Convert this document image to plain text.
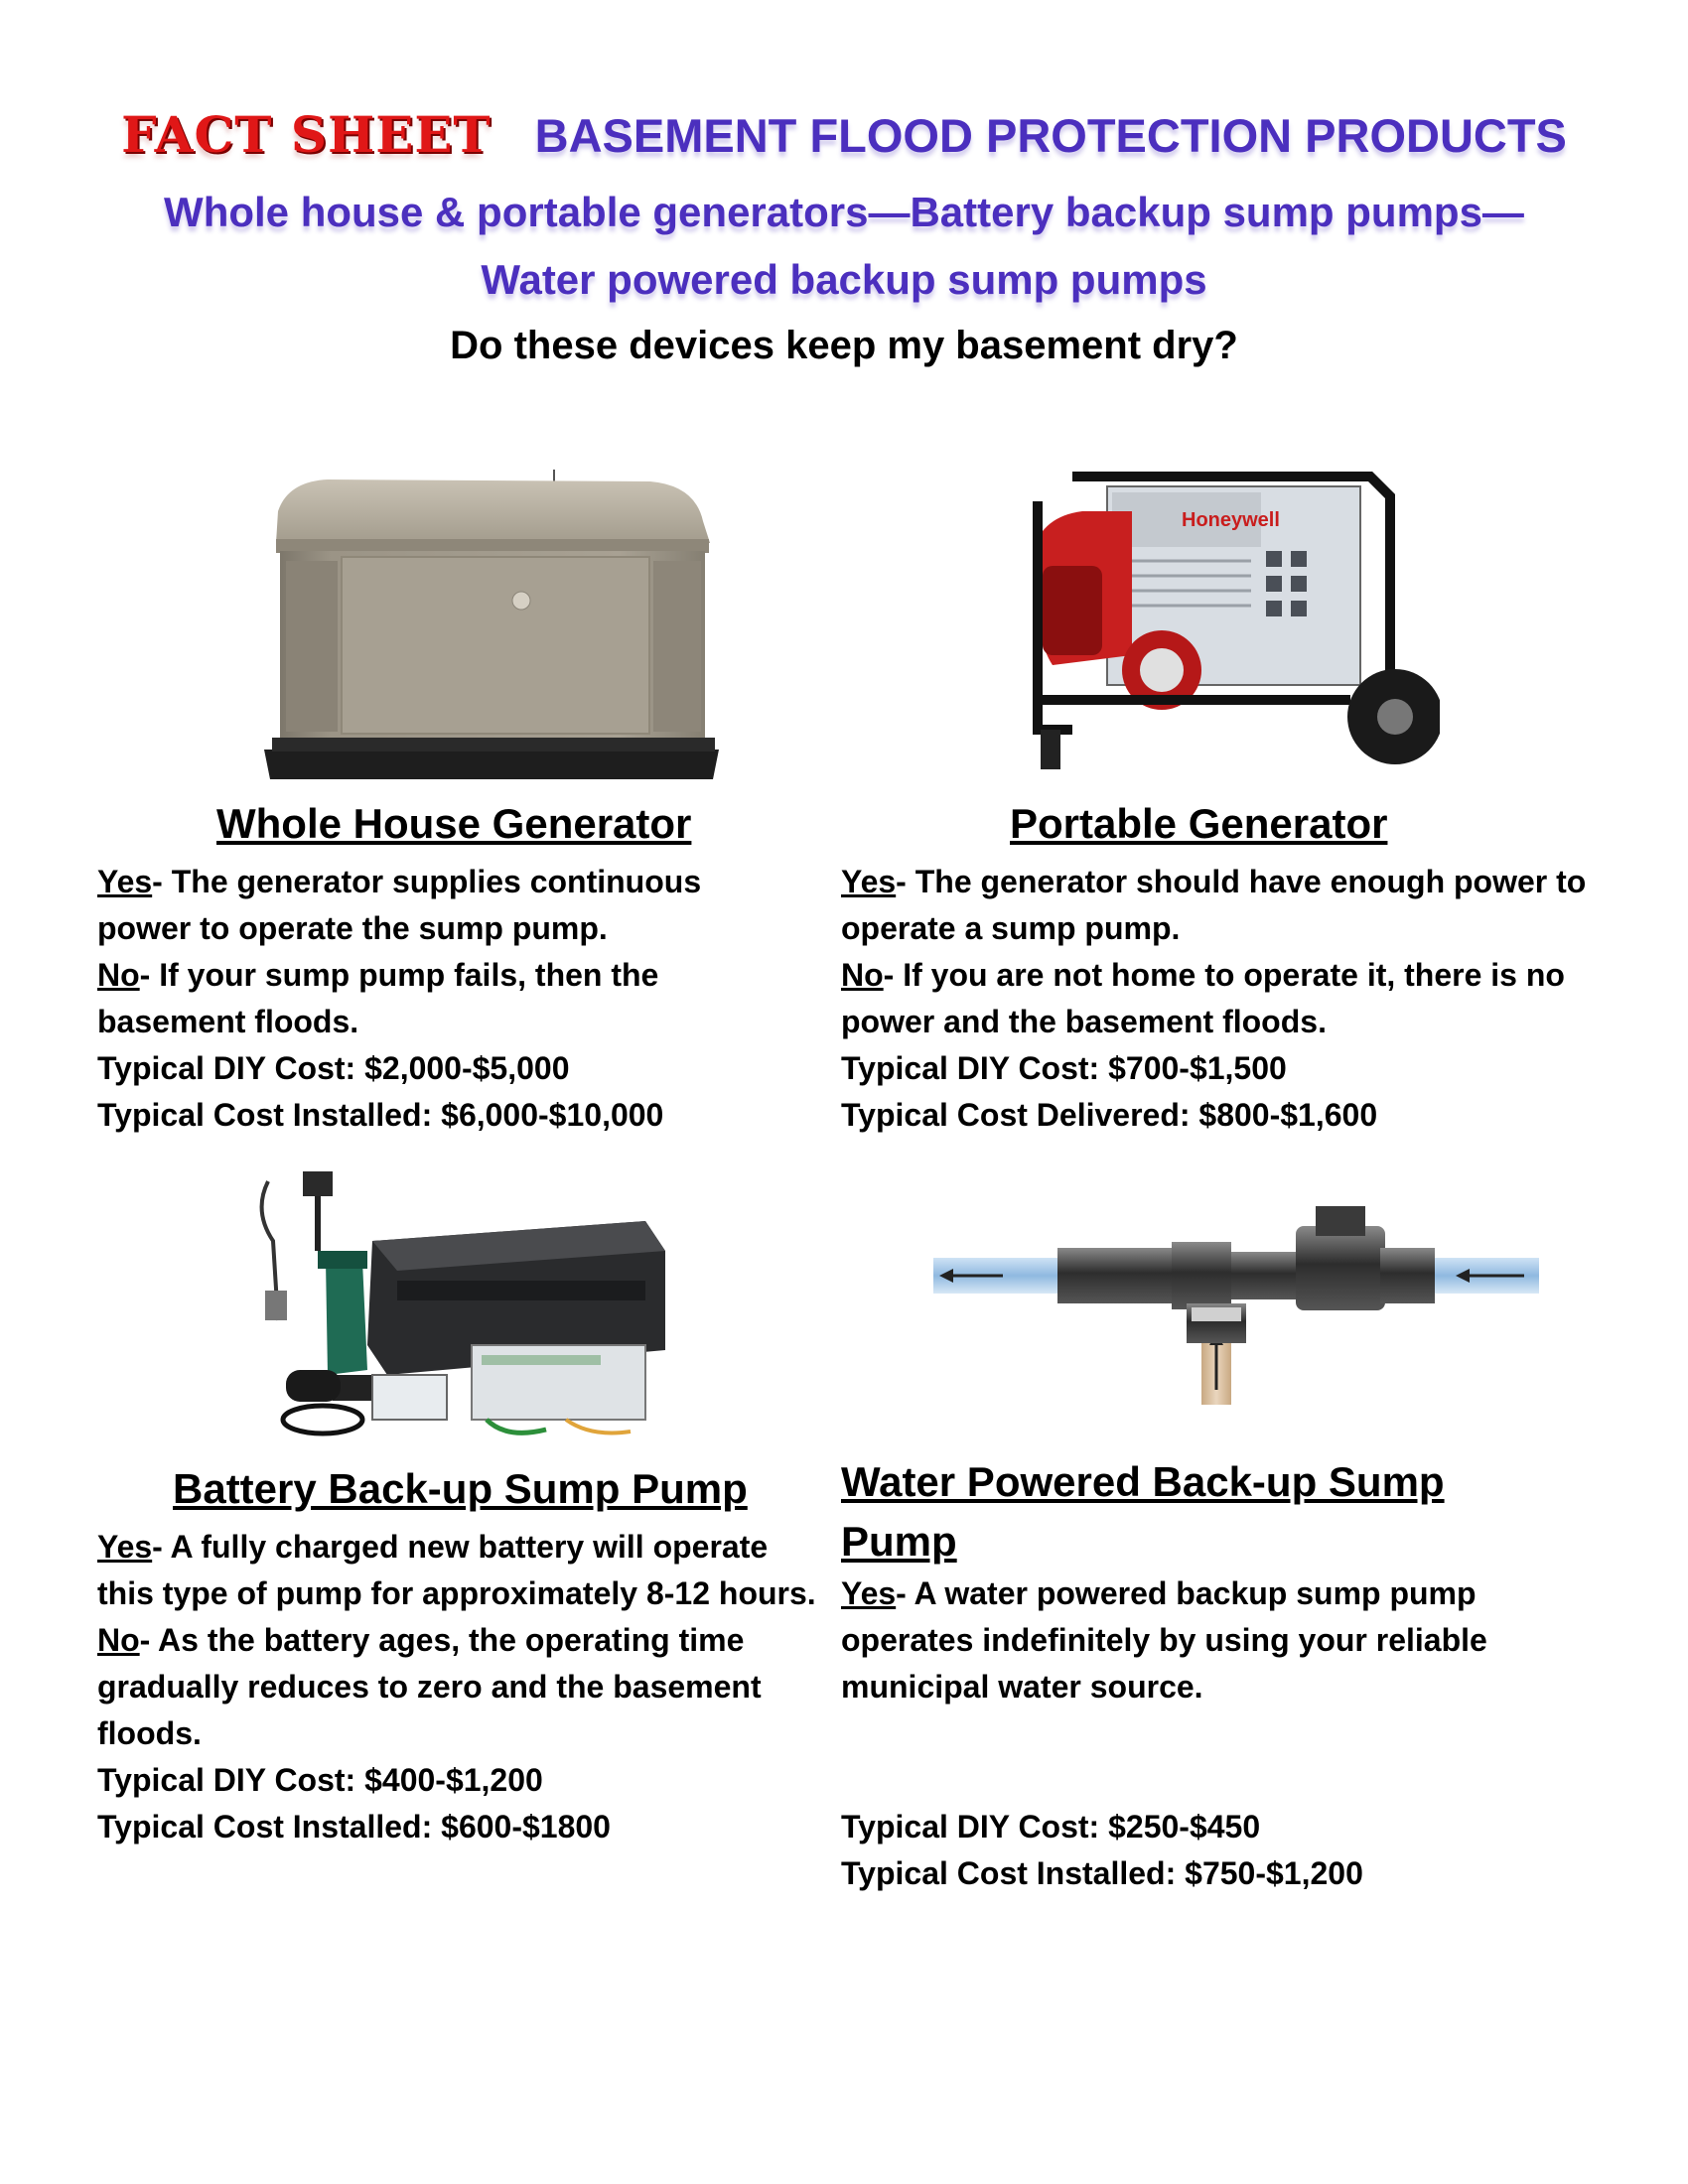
FACT SHEET BASEMENT FLOOD PROTECTION PRODUCTS
Whole house & portable generators—Battery backup sump pumps—
Water powered backup sump pumps
Do these devices keep my basement dry?
Honeywell
Whole House Generator

Yes- The generator supplies continuous power to operate the sump pump.

No- If your sump pump fails, then the basement floods.

Typical DIY Cost: $2,000-$5,000

Typical Cost Installed: $6,000-$10,000

Portable Generator

Yes- The generator should have enough power to operate a sump pump.

No- If you are not home to operate it, there is no power and the basement floods.

Typical DIY Cost: $700-$1,500

Typical Cost Delivered: $800-$1,600

Battery Back-up Sump Pump

Yes- A fully charged new battery will operate this type of pump for approximately 8-12 hours.

No- As the battery ages, the operating time gradually reduces to zero and the basement floods.

Typical DIY Cost: $400-$1,200

Typical Cost Installed: $600-$1800

Water Powered Back-up Sump
Pump

Yes- A water powered backup sump pump operates indefinitely by using your reliable municipal water source.

Typical DIY Cost: $250-$450

Typical Cost Installed: $750-$1,200
